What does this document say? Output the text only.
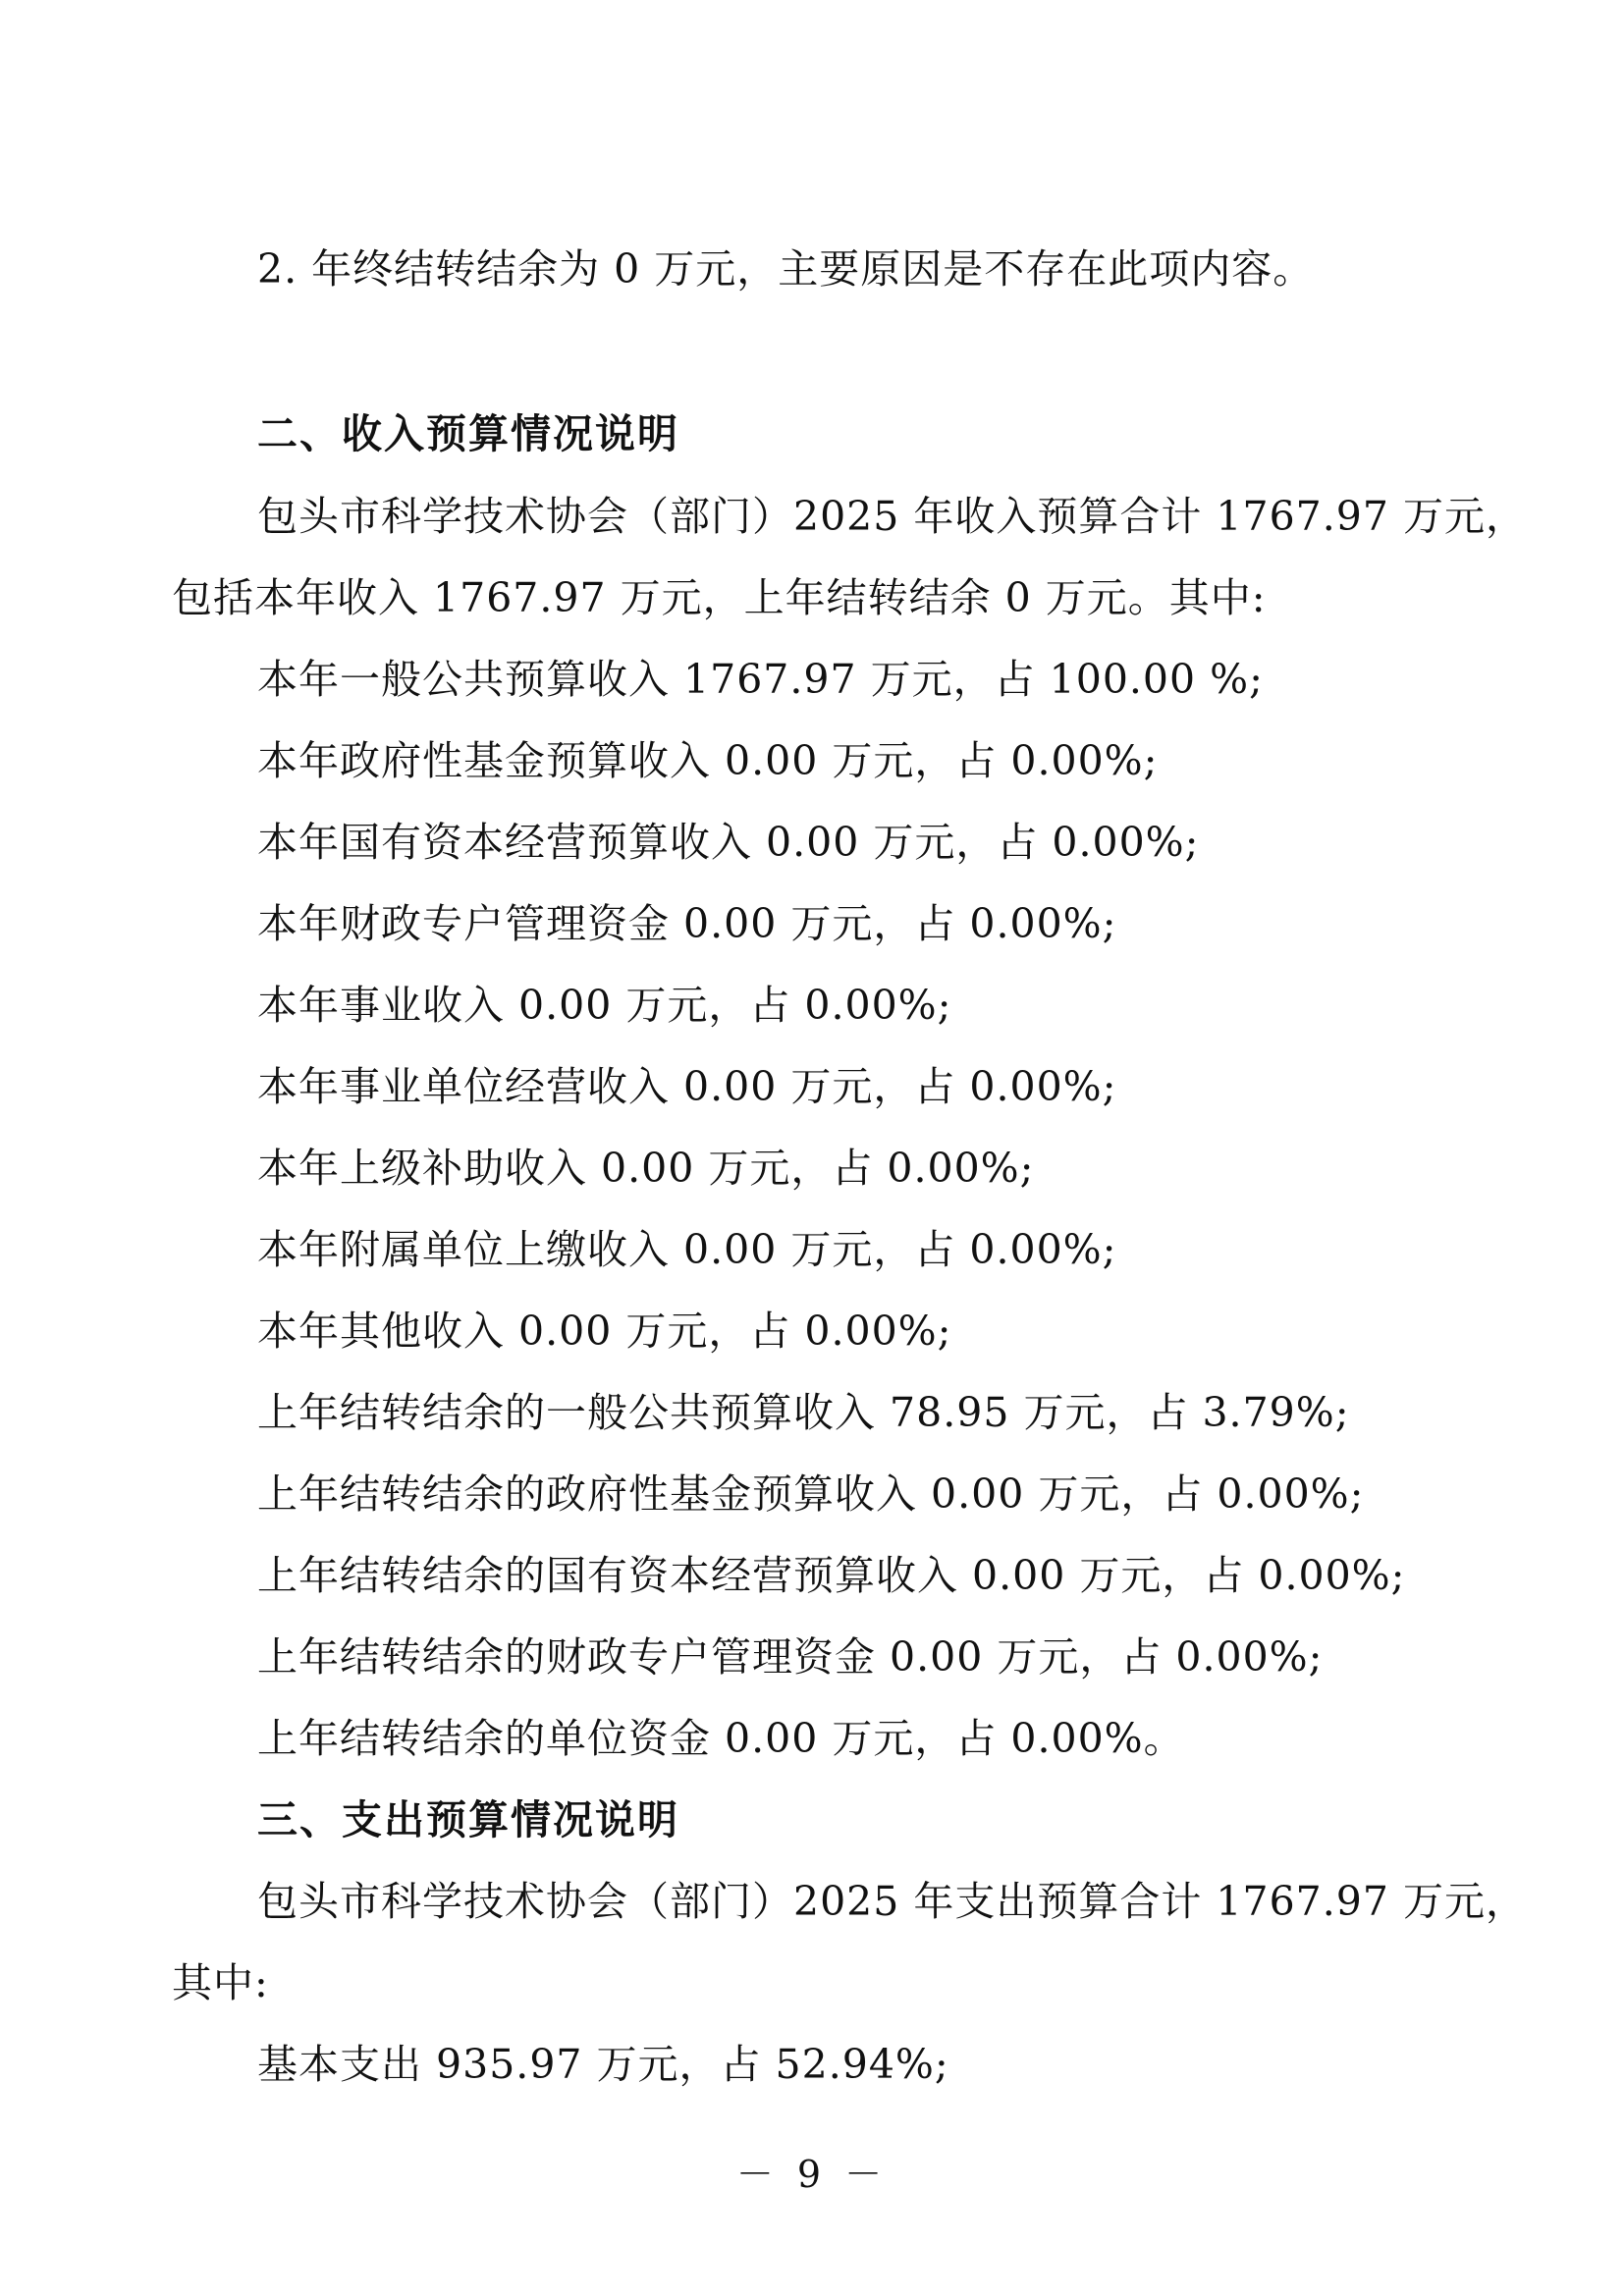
2. 年终结转结余为 0 万元，主要原因是不存在此项内容。
二、收入预算情况说明
包头市科学技术协会（部门）2025 年收入预算合计 1767.97 万元，
包括本年收入 1767.97 万元，上年结转结余 0 万元。其中:
本年一般公共预算收入 1767.97 万元，占 100.00 %;
本年政府性基金预算收入 0.00 万元，占 0.00%;
本年国有资本经营预算收入 0.00 万元，占 0.00%;
本年财政专户管理资金 0.00 万元，占 0.00%;
本年事业收入 0.00 万元，占 0.00%;
本年事业单位经营收入 0.00 万元，占 0.00%;
本年上级补助收入 0.00 万元，占 0.00%;
本年附属单位上缴收入 0.00 万元，占 0.00%;
本年其他收入 0.00 万元，占 0.00%;
上年结转结余的一般公共预算收入 78.95 万元，占 3.79%;
上年结转结余的政府性基金预算收入 0.00 万元，占 0.00%;
上年结转结余的国有资本经营预算收入 0.00 万元，占 0.00%;
上年结转结余的财政专户管理资金 0.00 万元，占 0.00%;
上年结转结余的单位资金 0.00 万元，占 0.00%。
三、支出预算情况说明
包头市科学技术协会（部门）2025 年支出预算合计 1767.97 万元，
其中:
基本支出 935.97 万元，占 52.94%;
－ 9 －
